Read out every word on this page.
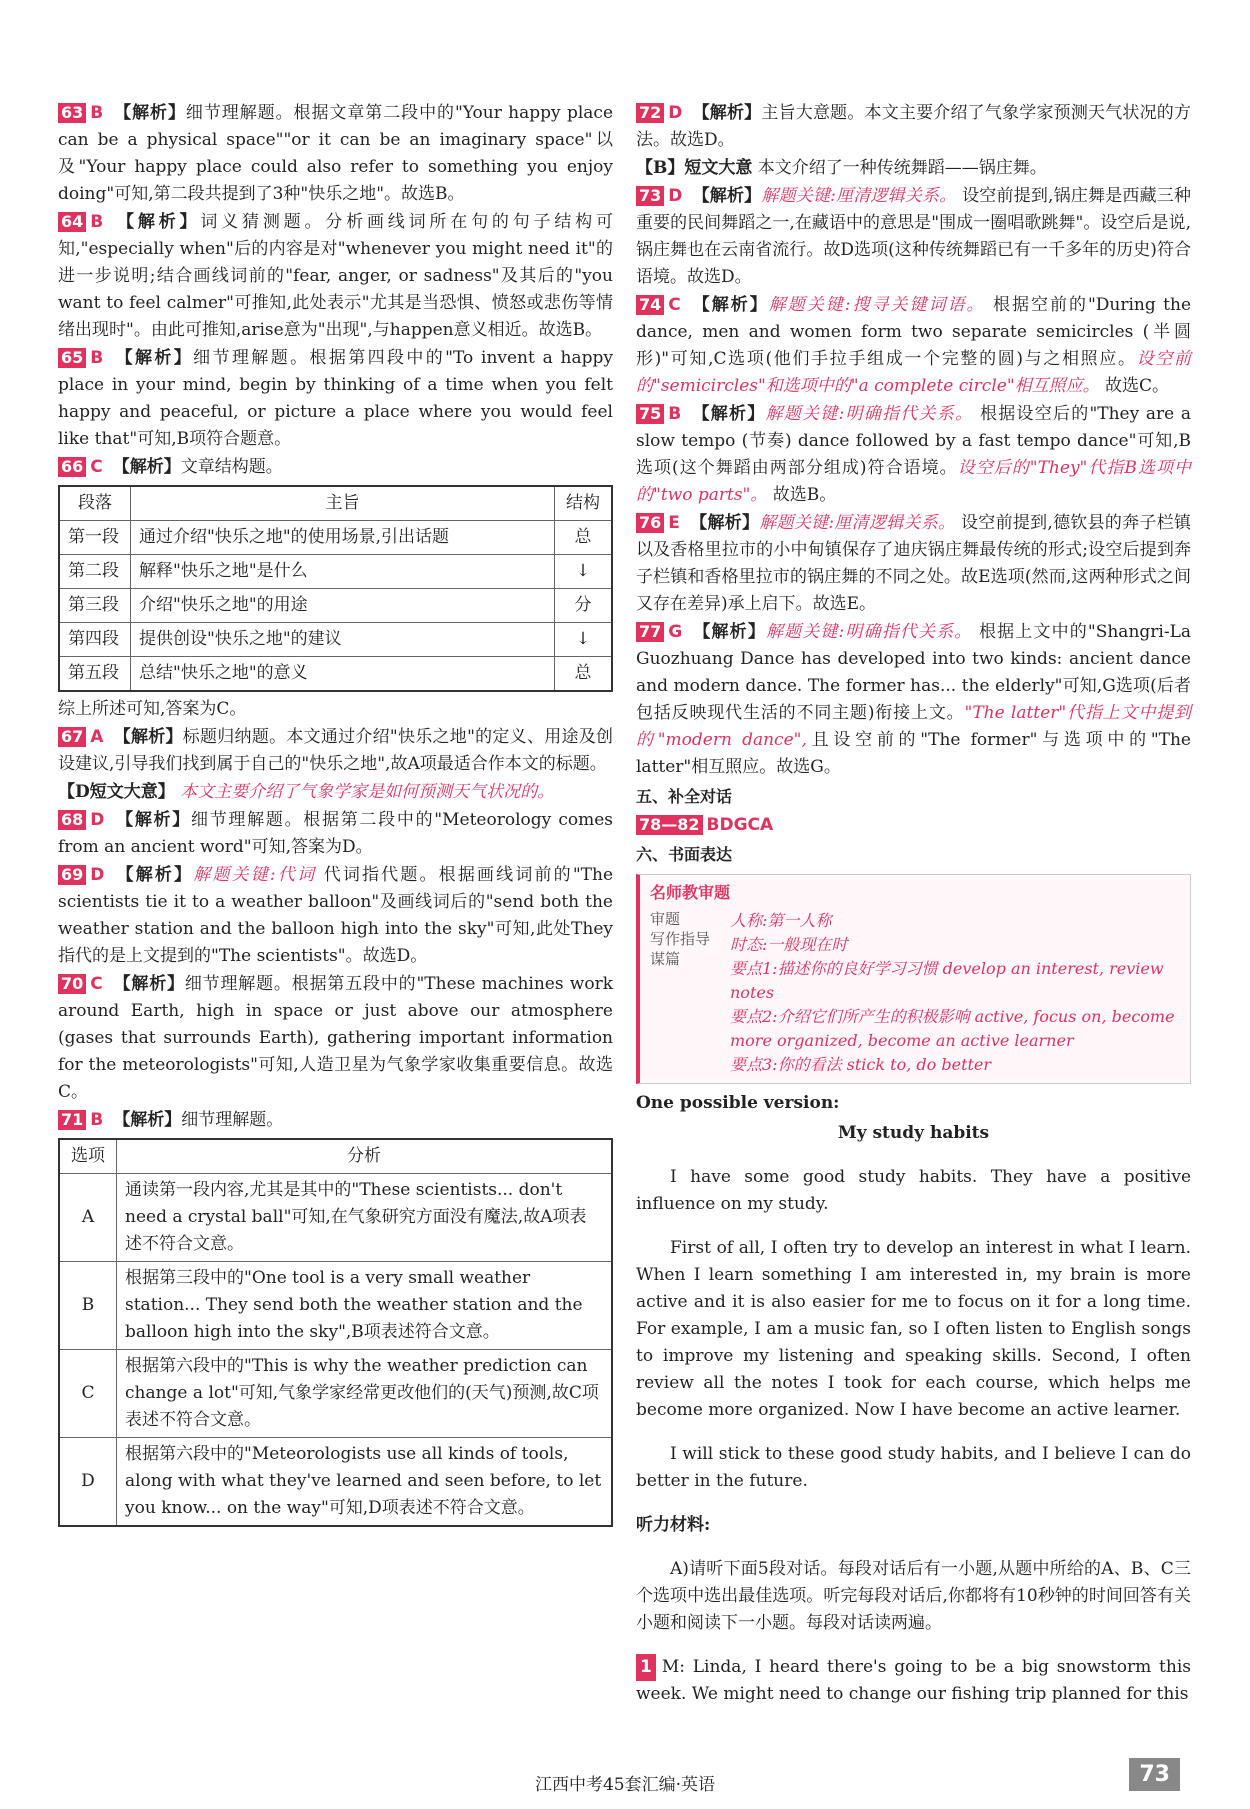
63 B 【解析】细节理解题。根据文章第二段中的"Your happy place can be a physical space""or it can be an imaginary space"以及"Your happy place could also refer to something you enjoy doing"可知,第二段共提到了3种"快乐之地"。故选B。

64 B 【解析】词义猜测题。分析画线词所在句的句子结构可知,"especially when"后的内容是对"whenever you might need it"的进一步说明;结合画线词前的"fear, anger, or sadness"及其后的"you want to feel calmer"可推知,此处表示"尤其是当恐惧、愤怒或悲伤等情绪出现时"。由此可推知,arise意为"出现",与happen意义相近。故选B。

65 B 【解析】细节理解题。根据第四段中的"To invent a happy place in your mind, begin by thinking of a time when you felt happy and peaceful, or picture a place where you would feel like that"可知,B项符合题意。

66 C 【解析】文章结构题。

段落	主旨	结构
第一段	通过介绍"快乐之地"的使用场景,引出话题	总
第二段	解释"快乐之地"是什么	↓
第三段	介绍"快乐之地"的用途	分
第四段	提供创设"快乐之地"的建议	↓
第五段	总结"快乐之地"的意义	总

综上所述可知,答案为C。

67 A 【解析】标题归纳题。本文通过介绍"快乐之地"的定义、用途及创设建议,引导我们找到属于自己的"快乐之地",故A项最适合作本文的标题。

【D短文大意】 本文主要介绍了气象学家是如何预测天气状况的。

68 D 【解析】细节理解题。根据第二段中的"Meteorology comes from an ancient word"可知,答案为D。

69 D 【解析】解题关键:代词 代词指代题。根据画线词前的"The scientists tie it to a weather balloon"及画线词后的"send both the weather station and the balloon high into the sky"可知,此处They指代的是上文提到的"The scientists"。故选D。

70 C 【解析】细节理解题。根据第五段中的"These machines work around Earth, high in space or just above our atmosphere (gases that surrounds Earth), gathering important information for the meteorologists"可知,人造卫星为气象学家收集重要信息。故选C。

71 B 【解析】细节理解题。

选项	分析
A	通读第一段内容,尤其是其中的"These scientists... don't need a crystal ball"可知,在气象研究方面没有魔法,故A项表述不符合文意。
B	根据第三段中的"One tool is a very small weather station... They send both the weather station and the balloon high into the sky",B项表述符合文意。
C	根据第六段中的"This is why the weather prediction can change a lot"可知,气象学家经常更改他们的(天气)预测,故C项表述不符合文意。
D	根据第六段中的"Meteorologists use all kinds of tools, along with what they've learned and seen before, to let you know... on the way"可知,D项表述不符合文意。

72 D 【解析】主旨大意题。本文主要介绍了气象学家预测天气状况的方法。故选D。

【B】短文大意 本文介绍了一种传统舞蹈——锅庄舞。

73 D 【解析】解题关键:厘清逻辑关系。 设空前提到,锅庄舞是西藏三种重要的民间舞蹈之一,在藏语中的意思是"围成一圈唱歌跳舞"。设空后是说,锅庄舞也在云南省流行。故D选项(这种传统舞蹈已有一千多年的历史)符合语境。故选D。

74 C 【解析】解题关键:搜寻关键词语。 根据空前的"During the dance, men and women form two separate semicircles (半圆形)"可知,C选项(他们手拉手组成一个完整的圆)与之相照应。设空前的"semicircles"和选项中的"a complete circle"相互照应。 故选C。

75 B 【解析】解题关键:明确指代关系。 根据设空后的"They are a slow tempo (节奏) dance followed by a fast tempo dance"可知,B选项(这个舞蹈由两部分组成)符合语境。设空后的"They"代指B选项中的"two parts"。 故选B。

76 E 【解析】解题关键:厘清逻辑关系。 设空前提到,德钦县的奔子栏镇以及香格里拉市的小中甸镇保存了迪庆锅庄舞最传统的形式;设空后提到奔子栏镇和香格里拉市的锅庄舞的不同之处。故E选项(然而,这两种形式之间又存在差异)承上启下。故选E。

77 G 【解析】解题关键:明确指代关系。 根据上文中的"Shangri-La Guozhuang Dance has developed into two kinds: ancient dance and modern dance. The former has... the elderly"可知,G选项(后者包括反映现代生活的不同主题)衔接上文。"The latter"代指上文中提到的"modern dance",且设空前的"The former"与选项中的"The latter"相互照应。故选G。

五、补全对话

78—82 BDGCA

六、书面表达

名师教审题
审题
写作指导
谋篇
人称:第一人称
时态:一般现在时
要点1:描述你的良好学习习惯 develop an interest, review notes
要点2:介绍它们所产生的积极影响 active, focus on, become more organized, become an active learner
要点3:你的看法 stick to, do better

One possible version:

My study habits

I have some good study habits. They have a positive influence on my study.

First of all, I often try to develop an interest in what I learn. When I learn something I am interested in, my brain is more active and it is also easier for me to focus on it for a long time. For example, I am a music fan, so I often listen to English songs to improve my listening and speaking skills. Second, I often review all the notes I took for each course, which helps me become more organized. Now I have become an active learner.

I will stick to these good study habits, and I believe I can do better in the future.

听力材料:

A)请听下面5段对话。每段对话后有一小题,从题中所给的A、B、C三个选项中选出最佳选项。听完每段对话后,你都将有10秒钟的时间回答有关小题和阅读下一小题。每段对话读两遍。

1 M: Linda, I heard there's going to be a big snowstorm this week. We might need to change our fishing trip planned for this

江西中考45套汇编·英语	73
